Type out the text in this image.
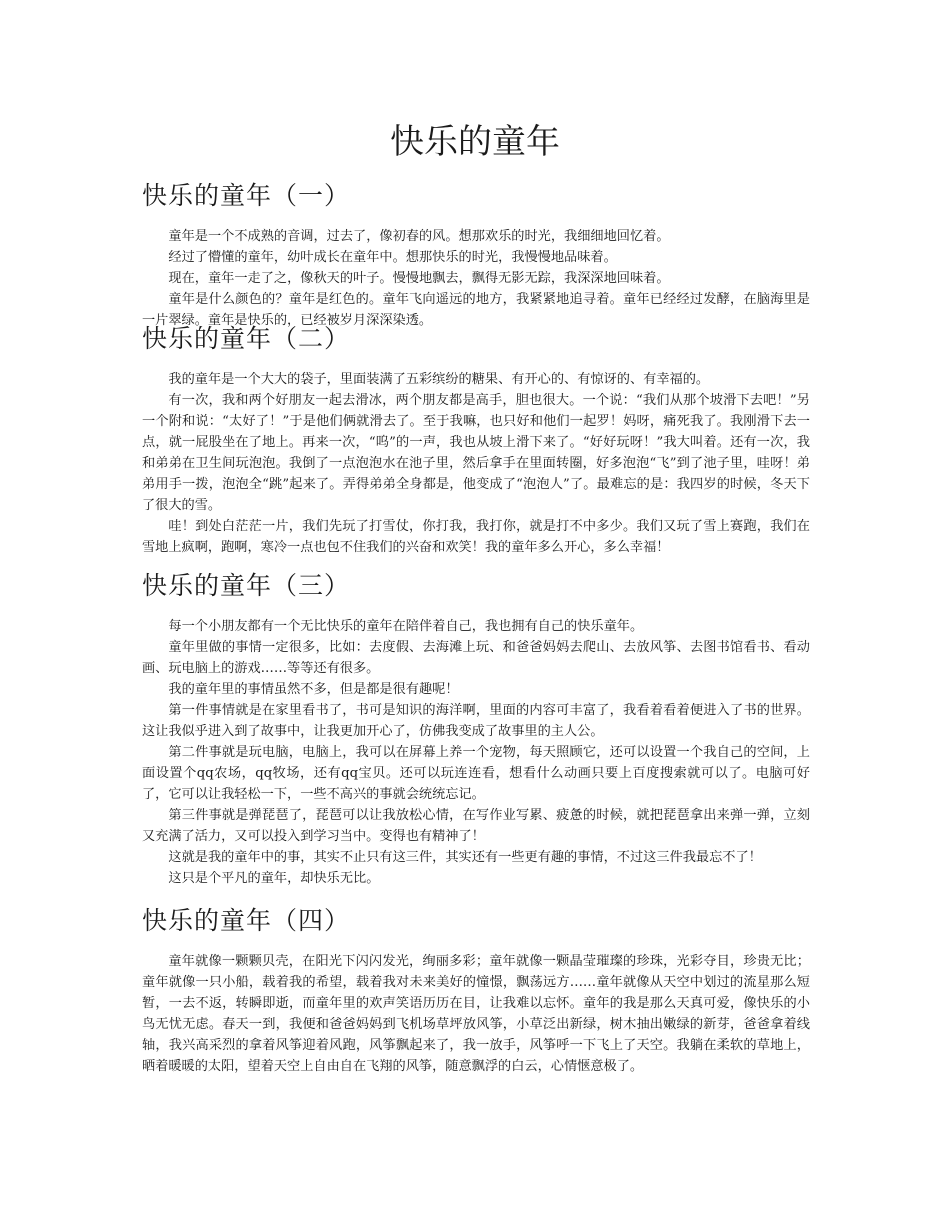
快乐的童年
快乐的童年（一）

童年是一个不成熟的音调，过去了，像初春的风。想那欢乐的时光，我细细地回忆着。

经过了懵懂的童年，幼叶成长在童年中。想那快乐的时光，我慢慢地品味着。

现在，童年一走了之，像秋天的叶子。慢慢地飘去，飘得无影无踪，我深深地回味着。

童年是什么颜色的？童年是红色的。童年飞向遥远的地方，我紧紧地追寻着。童年已经经过发酵，在脑海里是一片翠绿。童年是快乐的，已经被岁月深深染透。

快乐的童年（二）

我的童年是一个大大的袋子，里面装满了五彩缤纷的糖果、有开心的、有惊讶的、有幸福的。

有一次，我和两个好朋友一起去滑冰，两个朋友都是高手，胆也很大。一个说：“我们从那个坡滑下去吧！”另一个附和说：“太好了！”于是他们俩就滑去了。至于我嘛，也只好和他们一起罗！妈呀，痛死我了。我刚滑下去一点，就一屁股坐在了地上。再来一次，“呜”的一声，我也从坡上滑下来了。“好好玩呀！”我大叫着。还有一次，我和弟弟在卫生间玩泡泡。我倒了一点泡泡水在池子里，然后拿手在里面转圈，好多泡泡“飞”到了池子里，哇呀！弟弟用手一拨，泡泡全“跳”起来了。弄得弟弟全身都是，他变成了“泡泡人”了。最难忘的是：我四岁的时候，冬天下了很大的雪。

哇！到处白茫茫一片，我们先玩了打雪仗，你打我，我打你，就是打不中多少。我们又玩了雪上赛跑，我们在雪地上疯啊，跑啊，寒冷一点也包不住我们的兴奋和欢笑！我的童年多么开心，多么幸福！

快乐的童年（三）

每一个小朋友都有一个无比快乐的童年在陪伴着自己，我也拥有自己的快乐童年。

童年里做的事情一定很多，比如：去度假、去海滩上玩、和爸爸妈妈去爬山、去放风筝、去图书馆看书、看动画、玩电脑上的游戏……等等还有很多。

我的童年里的事情虽然不多，但是都是很有趣呢！

第一件事情就是在家里看书了，书可是知识的海洋啊，里面的内容可丰富了，我看着看着便进入了书的世界。这让我似乎进入到了故事中，让我更加开心了，仿佛我变成了故事里的主人公。

第二件事就是玩电脑，电脑上，我可以在屏幕上养一个宠物，每天照顾它，还可以设置一个我自己的空间，上面设置个qq农场，qq牧场，还有qq宝贝。还可以玩连连看，想看什么动画只要上百度搜索就可以了。电脑可好了，它可以让我轻松一下，一些不高兴的事就会统统忘记。

第三件事就是弹琵琶了，琵琶可以让我放松心情，在写作业写累、疲惫的时候，就把琵琶拿出来弹一弹，立刻又充满了活力，又可以投入到学习当中。变得也有精神了！

这就是我的童年中的事，其实不止只有这三件，其实还有一些更有趣的事情，不过这三件我最忘不了！

这只是个平凡的童年，却快乐无比。

快乐的童年（四）

童年就像一颗颗贝壳，在阳光下闪闪发光，绚丽多彩；童年就像一颗晶莹璀璨的珍珠，光彩夺目，珍贵无比；童年就像一只小船，载着我的希望，载着我对未来美好的憧憬，飘荡远方……童年就像从天空中划过的流星那么短暂，一去不返，转瞬即逝，而童年里的欢声笑语历历在目，让我难以忘怀。童年的我是那么天真可爱，像快乐的小鸟无忧无虑。春天一到，我便和爸爸妈妈到飞机场草坪放风筝，小草泛出新绿，树木抽出嫩绿的新芽，爸爸拿着线轴，我兴高采烈的拿着风筝迎着风跑，风筝飘起来了，我一放手，风筝呼一下飞上了天空。我躺在柔软的草地上，晒着暖暖的太阳，望着天空上自由自在飞翔的风筝，随意飘浮的白云，心情惬意极了。
